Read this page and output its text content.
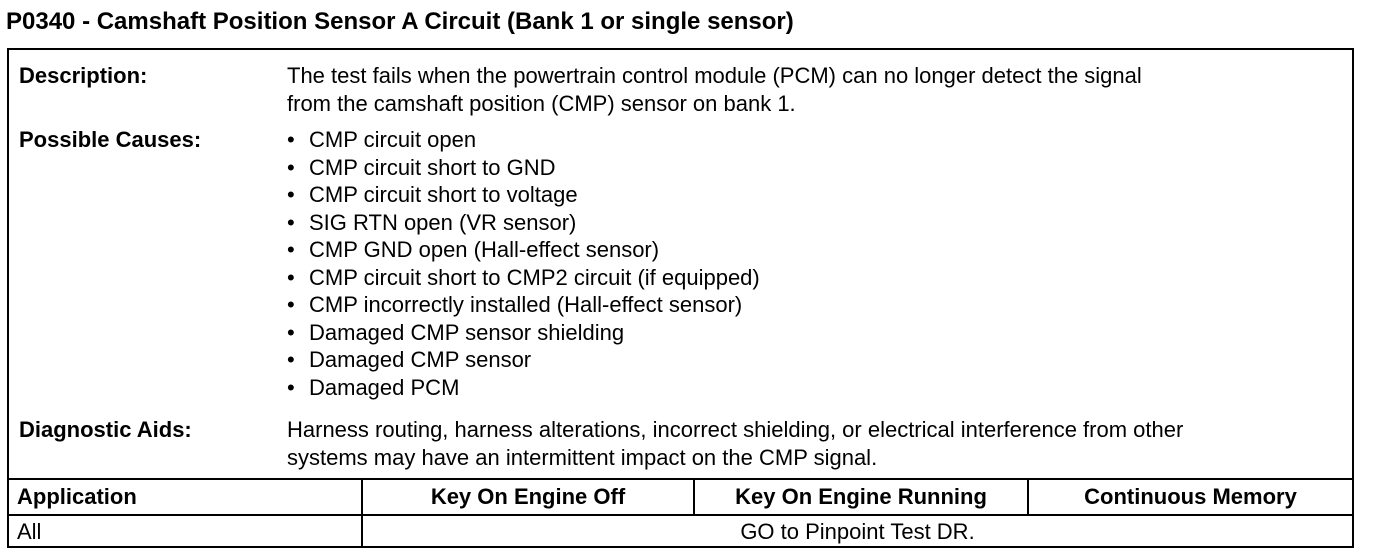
P0340 - Camshaft Position Sensor A Circuit (Bank 1 or single sensor)
Description:	The test fails when the powertrain control module (PCM) can no longer detect the signal
from the camshaft position (CMP) sensor on bank 1.
Possible Causes:	• CMP circuit open
• CMP circuit short to GND
• CMP circuit short to voltage
• SIG RTN open (VR sensor)
• CMP GND open (Hall-effect sensor)
• CMP circuit short to CMP2 circuit (if equipped)
• CMP incorrectly installed (Hall-effect sensor)
• Damaged CMP sensor shielding
• Damaged CMP sensor
• Damaged PCM
Diagnostic Aids:	Harness routing, harness alterations, incorrect shielding, or electrical interference from other
systems may have an intermittent impact on the CMP signal.
Application	Key On Engine Off	Key On Engine Running	Continuous Memory
All	GO to Pinpoint Test DR.
